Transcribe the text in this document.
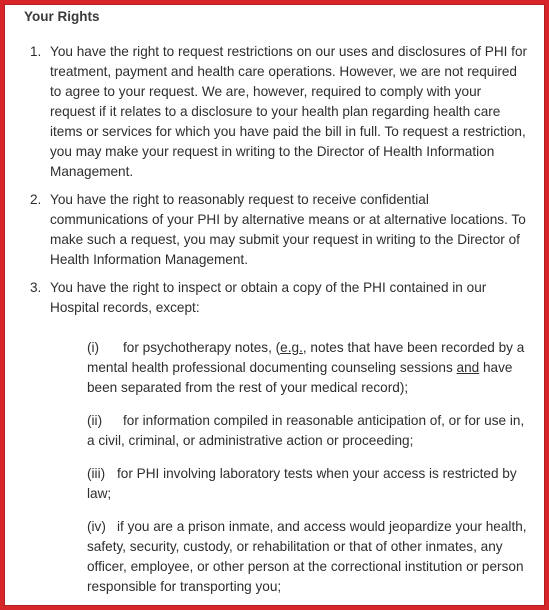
Your Rights
1. You have the right to request restrictions on our uses and disclosures of PHI for treatment, payment and health care operations. However, we are not required to agree to your request. We are, however, required to comply with your request if it relates to a disclosure to your health plan regarding health care items or services for which you have paid the bill in full. To request a restriction, you may make your request in writing to the Director of Health Information Management.
2. You have the right to reasonably request to receive confidential communications of your PHI by alternative means or at alternative locations. To make such a request, you may submit your request in writing to the Director of Health Information Management.
3. You have the right to inspect or obtain a copy of the PHI contained in our Hospital records, except:
(i) for psychotherapy notes, (e.g., notes that have been recorded by a mental health professional documenting counseling sessions and have been separated from the rest of your medical record);
(ii) for information compiled in reasonable anticipation of, or for use in, a civil, criminal, or administrative action or proceeding;
(iii) for PHI involving laboratory tests when your access is restricted by law;
(iv) if you are a prison inmate, and access would jeopardize your health, safety, security, custody, or rehabilitation or that of other inmates, any officer, employee, or other person at the correctional institution or person responsible for transporting you;
